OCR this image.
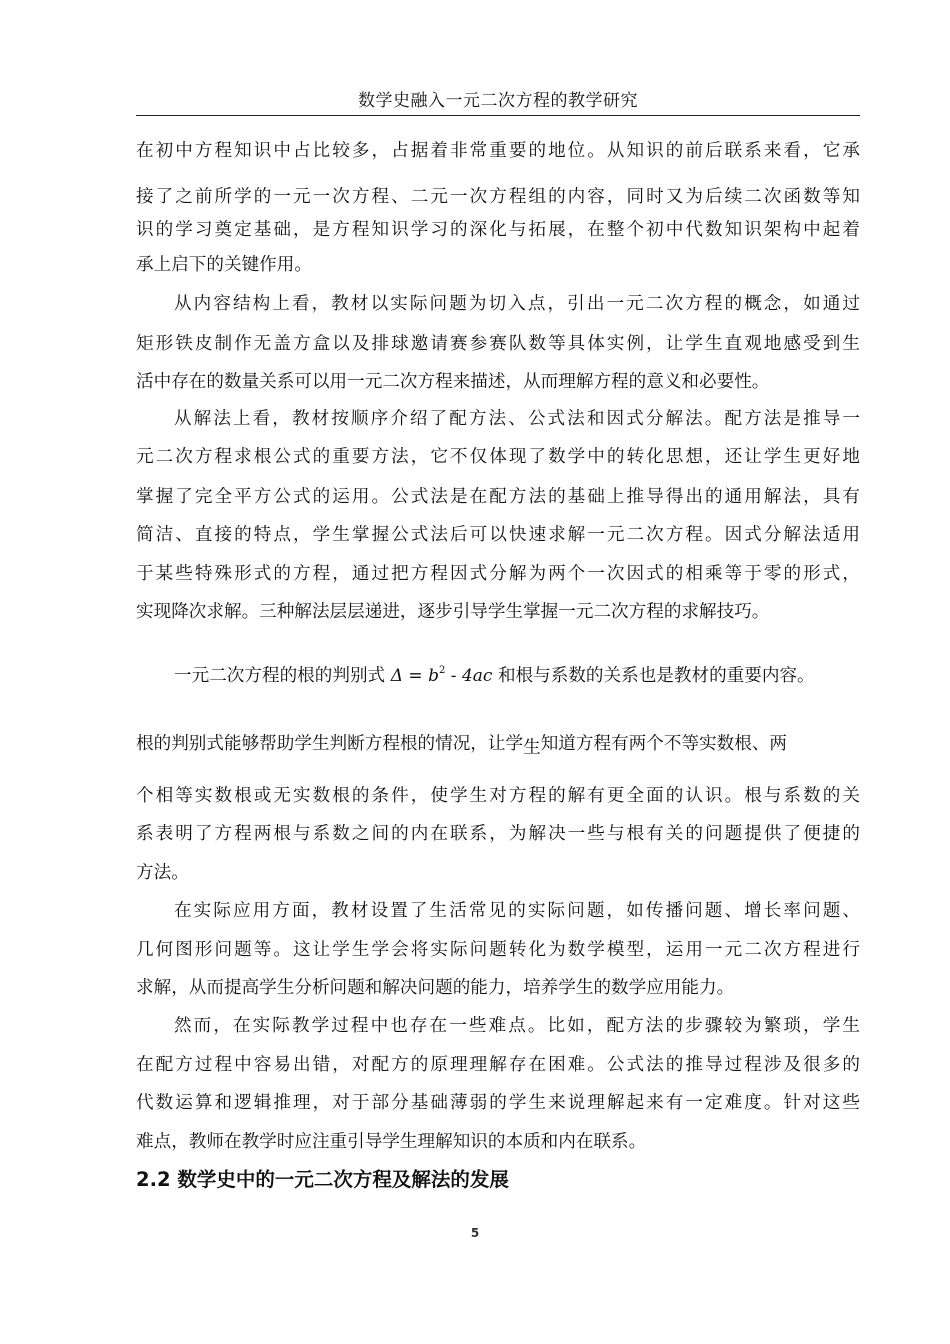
数学史融入一元二次方程的教学研究
在初中方程知识中占比较多，占据着非常重要的地位。从知识的前后联系来看，它承
接了之前所学的一元一次方程、二元一次方程组的内容，同时又为后续二次函数等知
识的学习奠定基础，是方程知识学习的深化与拓展，在整个初中代数知识架构中起着
承上启下的关键作用。
从内容结构上看，教材以实际问题为切入点，引出一元二次方程的概念，如通过
矩形铁皮制作无盖方盒以及排球邀请赛参赛队数等具体实例，让学生直观地感受到生
活中存在的数量关系可以用一元二次方程来描述，从而理解方程的意义和必要性。
从解法上看，教材按顺序介绍了配方法、公式法和因式分解法。配方法是推导一
元二次方程求根公式的重要方法，它不仅体现了数学中的转化思想，还让学生更好地
掌握了完全平方公式的运用。公式法是在配方法的基础上推导得出的通用解法，具有
简洁、直接的特点，学生掌握公式法后可以快速求解一元二次方程。因式分解法适用
于某些特殊形式的方程，通过把方程因式分解为两个一次因式的相乘等于零的形式，
实现降次求解。三种解法层层递进，逐步引导学生掌握一元二次方程的求解技巧。
一元二次方程的根的判别式 $\Delta = b^2 - 4ac$ 和根与系数的关系也是教材的重要内容。
根的判别式能够帮助学生判断方程根的情况，让学生知道方程有两个不等实数根、两
个相等实数根或无实数根的条件，使学生对方程的解有更全面的认识。根与系数的关
系表明了方程两根与系数之间的内在联系，为解决一些与根有关的问题提供了便捷的
方法。
在实际应用方面，教材设置了生活常见的实际问题，如传播问题、增长率问题、
几何图形问题等。这让学生学会将实际问题转化为数学模型，运用一元二次方程进行
求解，从而提高学生分析问题和解决问题的能力，培养学生的数学应用能力。
然而，在实际教学过程中也存在一些难点。比如，配方法的步骤较为繁琐，学生
在配方过程中容易出错，对配方的原理理解存在困难。公式法的推导过程涉及很多的
代数运算和逻辑推理，对于部分基础薄弱的学生来说理解起来有一定难度。针对这些
难点，教师在教学时应注重引导学生理解知识的本质和内在联系。
2.2 数学史中的一元二次方程及解法的发展
5
